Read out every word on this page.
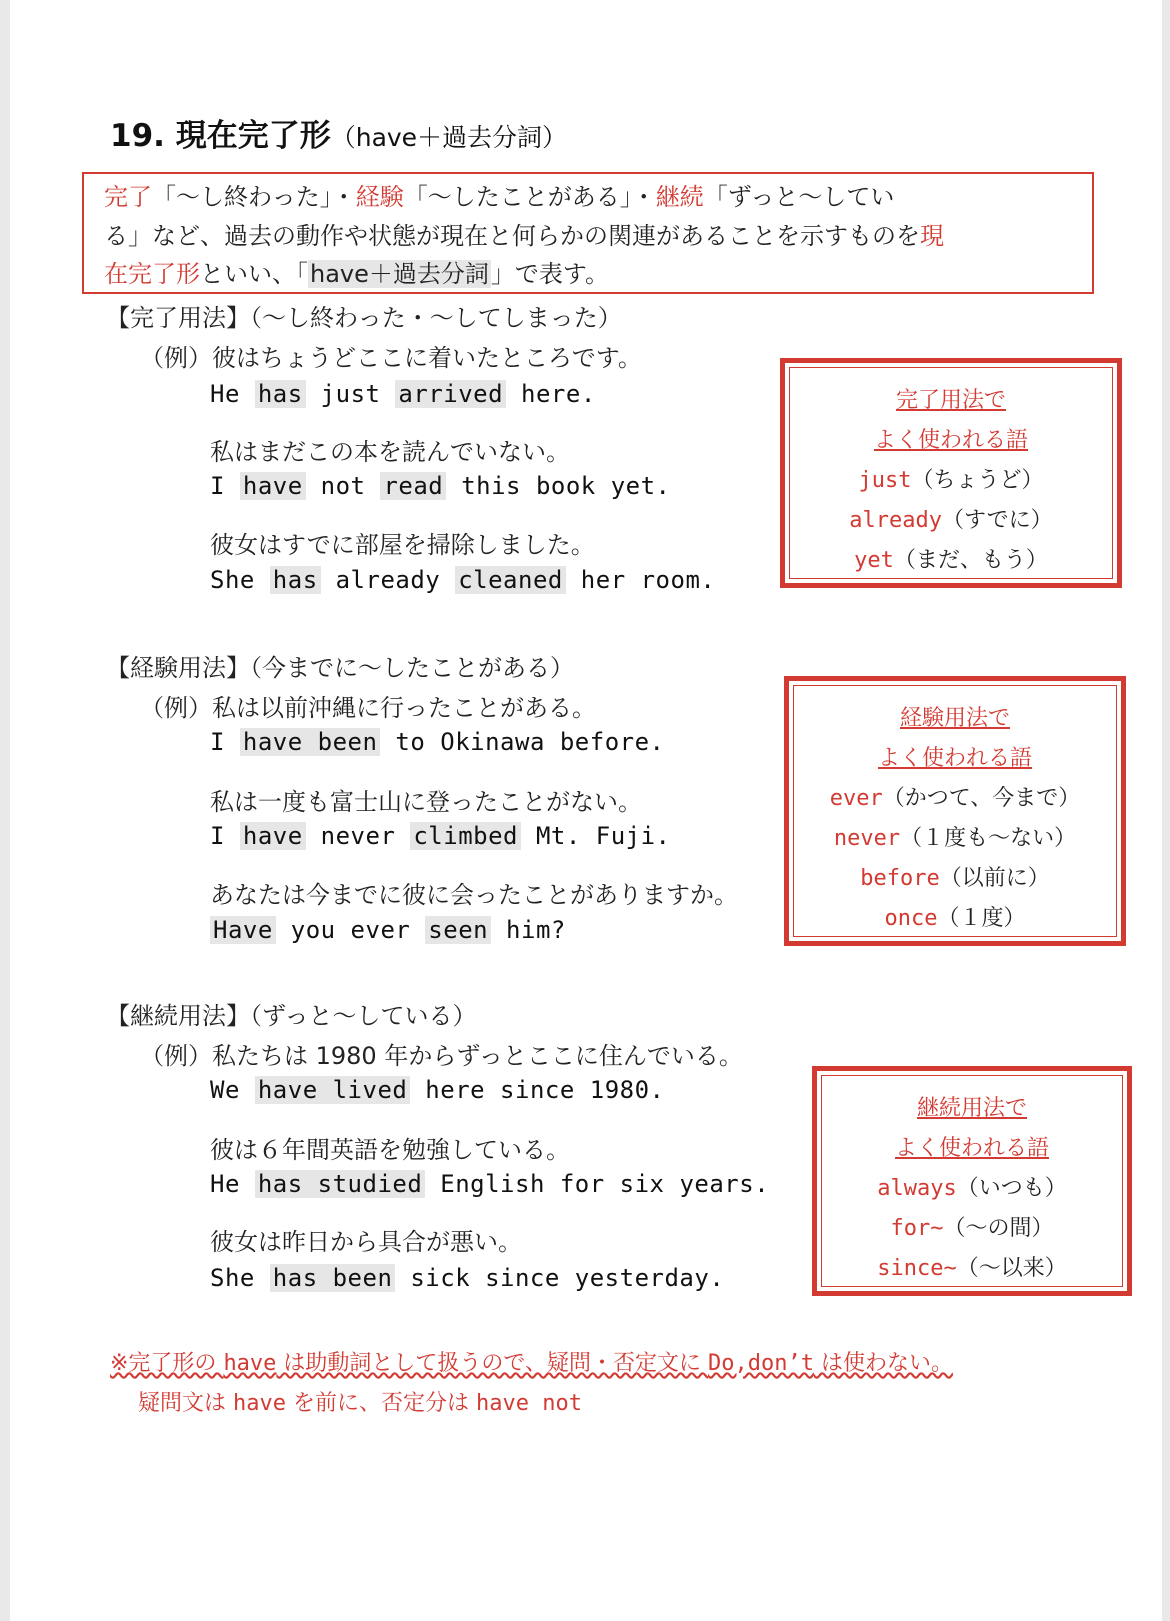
19. 現在完了形（have＋過去分詞）
完了「～し終わった」・経験「～したことがある」・継続「ずっと～してい
る」など、過去の動作や状態が現在と何らかの関連があることを示すものを現
在完了形といい、「have＋過去分詞」で表す。
【完了用法】（～し終わった・～してしまった）
（例）彼はちょうどここに着いたところです。
He has just arrived here.
私はまだこの本を読んでいない。
I have not read this book yet.
彼女はすでに部屋を掃除しました。
She has already cleaned her room.
完了用法で
よく使われる語
just（ちょうど）
already（すでに）
yet（まだ、もう）
【経験用法】（今までに～したことがある）
（例）私は以前沖縄に行ったことがある。
I have been to Okinawa before.
私は一度も富士山に登ったことがない。
I have never climbed Mt. Fuji.
あなたは今までに彼に会ったことがありますか。
Have you ever seen him?
経験用法で
よく使われる語
ever（かつて、今まで）
never（１度も～ない）
before（以前に）
once（１度）
【継続用法】（ずっと～している）
（例）私たちは 1980 年からずっとここに住んでいる。
We have lived here since 1980.
彼は６年間英語を勉強している。
He has studied English for six years.
彼女は昨日から具合が悪い。
She has been sick since yesterday.
継続用法で
よく使われる語
always（いつも）
for~（～の間）
since~（～以来）
※完了形の have は助動詞として扱うので、疑問・否定文に Do,don’t は使わない。
疑問文は have を前に、否定分は have not
